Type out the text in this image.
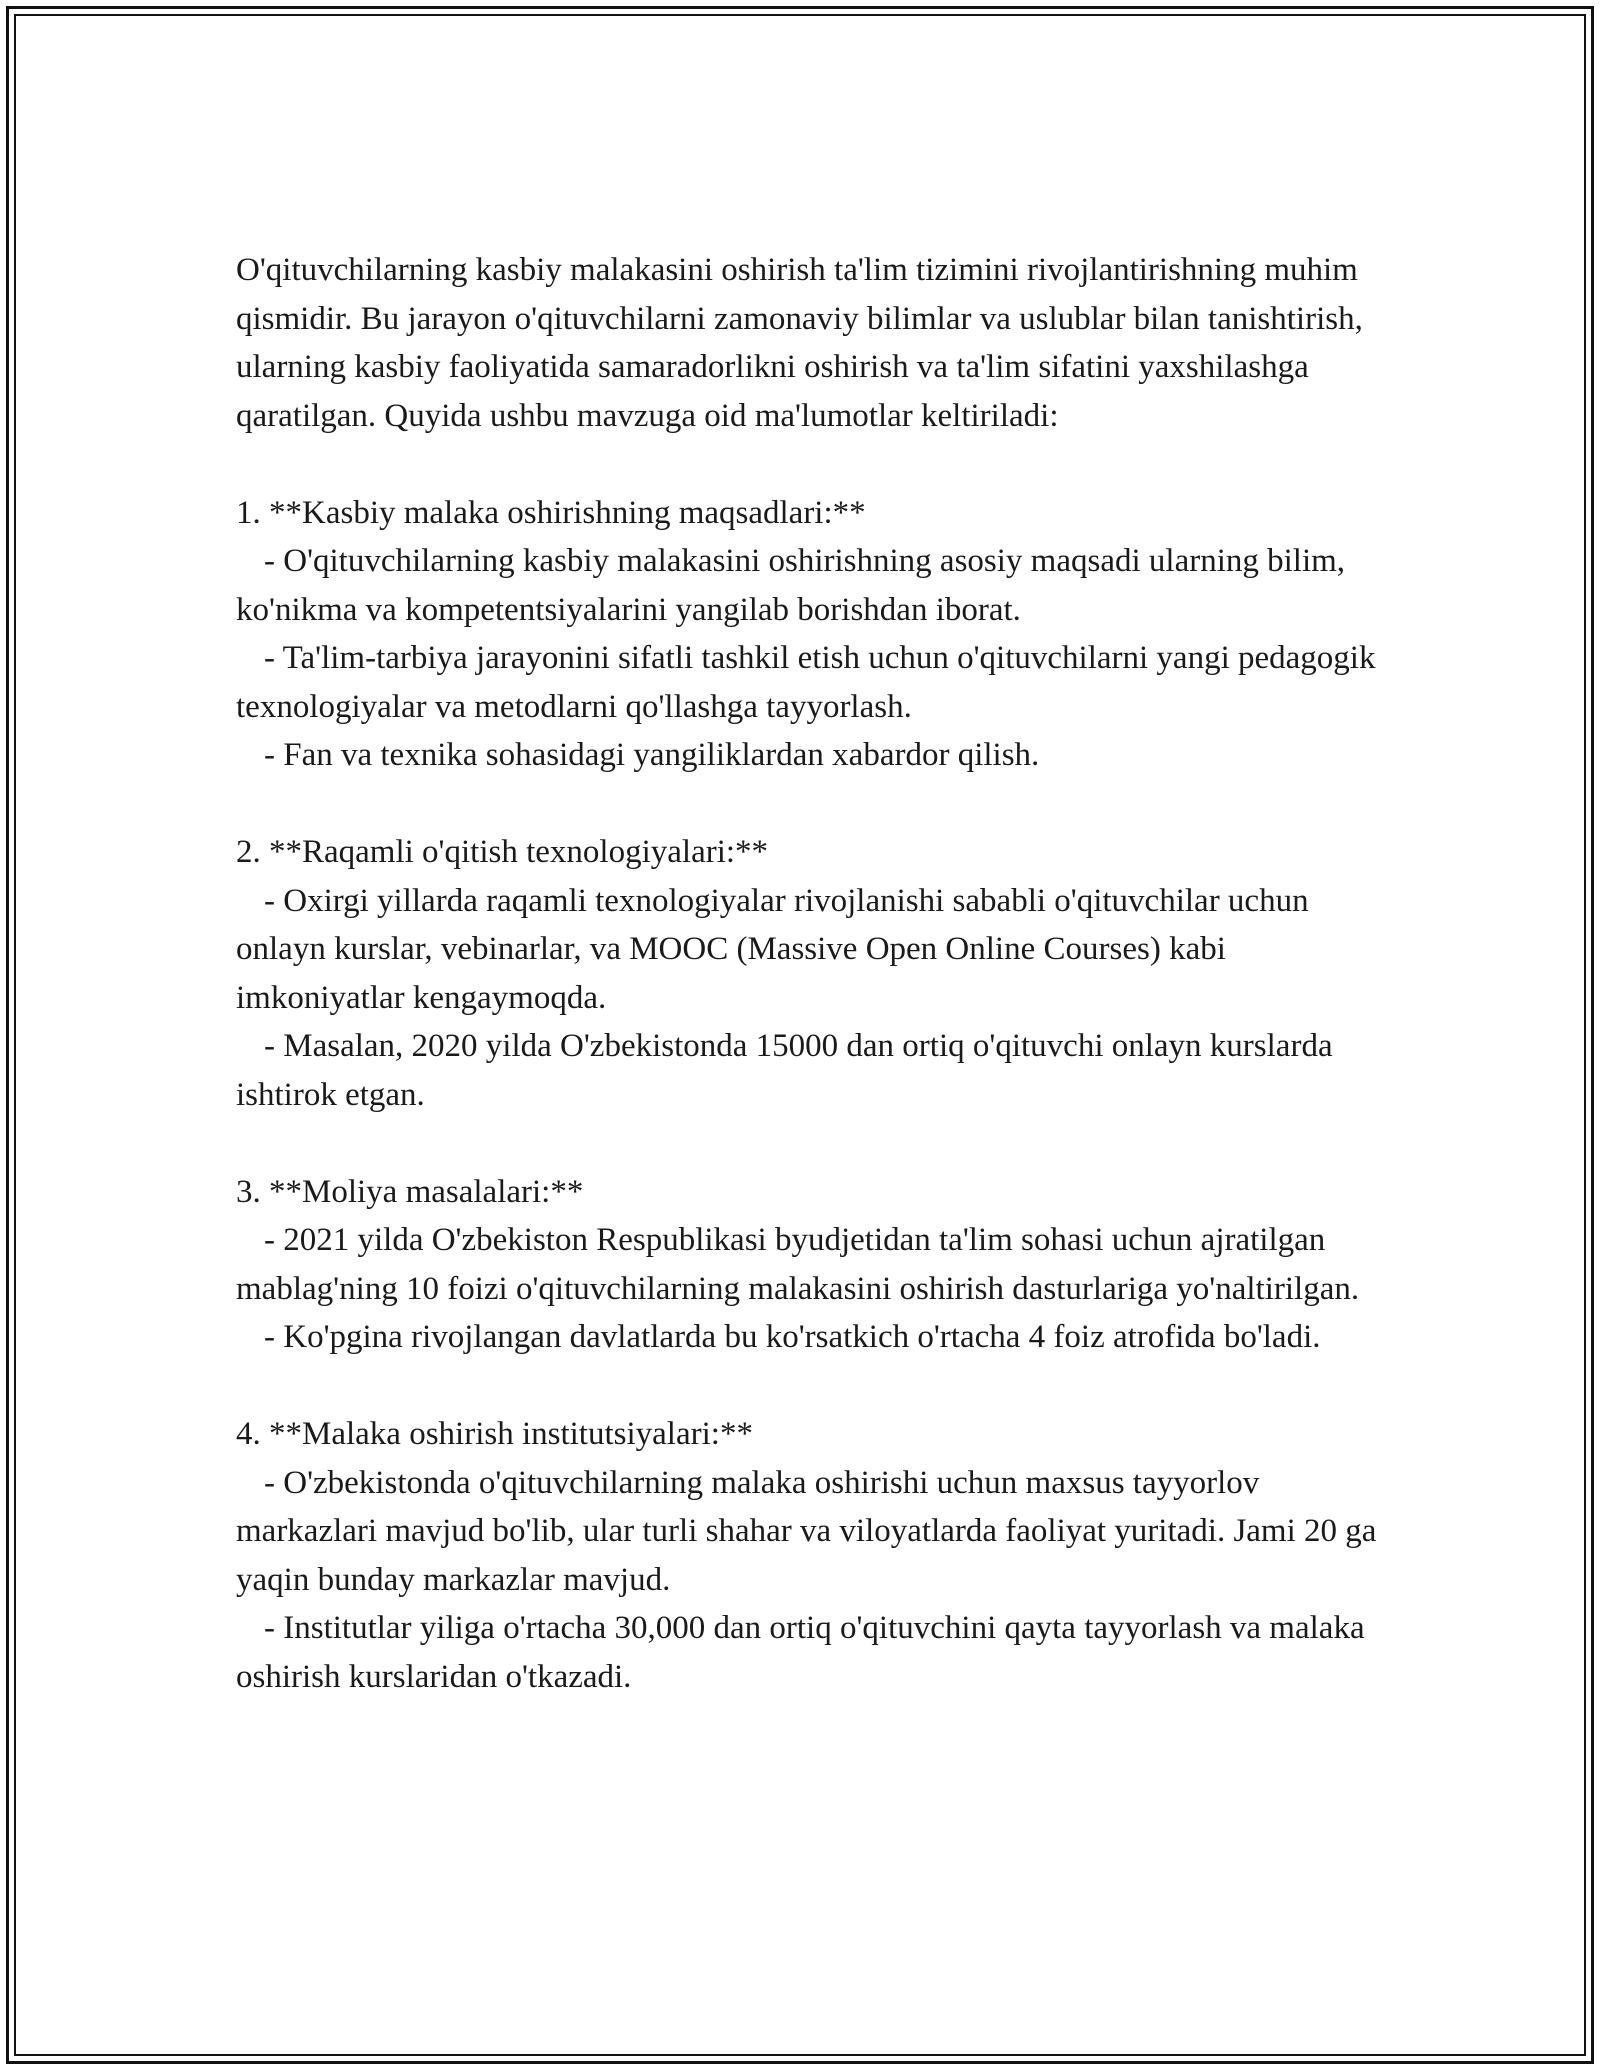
O'qituvchilarning kasbiy malakasini oshirish ta'lim tizimini rivojlantirishning muhim qismidir. Bu jarayon o'qituvchilarni zamonaviy bilimlar va uslublar bilan tanishtirish, ularning kasbiy faoliyatida samaradorlikni oshirish va ta'lim sifatini yaxshilashga qaratilgan. Quyida ushbu mavzuga oid ma'lumotlar keltiriladi:

1. **Kasbiy malaka oshirishning maqsadlari:**

- O'qituvchilarning kasbiy malakasini oshirishning asosiy maqsadi ularning bilim, ko'nikma va kompetentsiyalarini yangilab borishdan iborat.

- Ta'lim-tarbiya jarayonini sifatli tashkil etish uchun o'qituvchilarni yangi pedagogik texnologiyalar va metodlarni qo'llashga tayyorlash.

- Fan va texnika sohasidagi yangiliklardan xabardor qilish.

2. **Raqamli o'qitish texnologiyalari:**

- Oxirgi yillarda raqamli texnologiyalar rivojlanishi sababli o'qituvchilar uchun onlayn kurslar, vebinarlar, va MOOC (Massive Open Online Courses) kabi imkoniyatlar kengaymoqda.

- Masalan, 2020 yilda O'zbekistonda 15000 dan ortiq o'qituvchi onlayn kurslarda ishtirok etgan.

3. **Moliya masalalari:**

- 2021 yilda O'zbekiston Respublikasi byudjetidan ta'lim sohasi uchun ajratilgan mablag'ning 10 foizi o'qituvchilarning malakasini oshirish dasturlariga yo'naltirilgan.

- Ko'pgina rivojlangan davlatlarda bu ko'rsatkich o'rtacha 4 foiz atrofida bo'ladi.

4. **Malaka oshirish institutsiyalari:**

- O'zbekistonda o'qituvchilarning malaka oshirishi uchun maxsus tayyorlov markazlari mavjud bo'lib, ular turli shahar va viloyatlarda faoliyat yuritadi. Jami 20 ga yaqin bunday markazlar mavjud.

- Institutlar yiliga o'rtacha 30,000 dan ortiq o'qituvchini qayta tayyorlash va malaka oshirish kurslaridan o'tkazadi.
